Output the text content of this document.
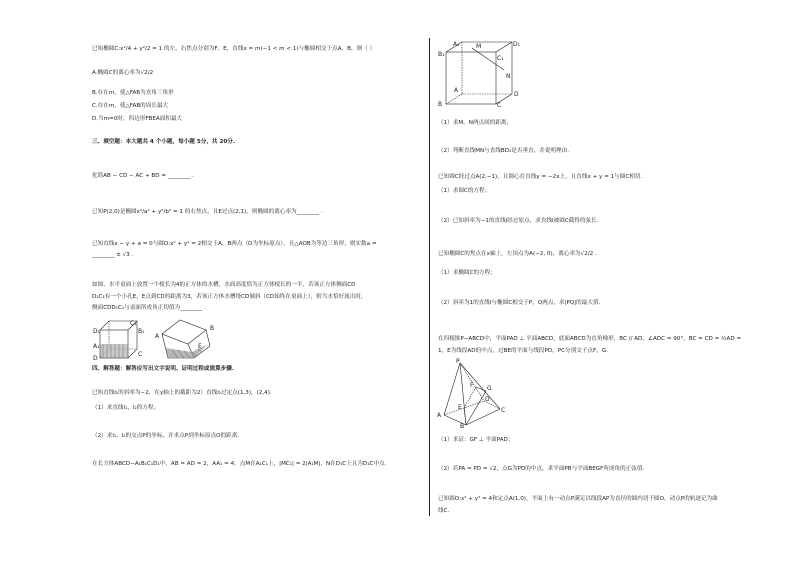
已知椭圆C:x²/4 + y²/2 = 1 的左、右焦点分别为F、E，直线x = m(−1 < m < 1)与椭圆相交于点A、B，则（ ）
A.椭圆C的离心率为√2/2
B.存在m，使△FAB为直角三角形
C.存在m，使△FAB的周长最大
D.当m=0时，四边形FBEA面积最大
三、填空题：本大题共 4 个小题，每小题 5分，共 20分.
化简AB − CD − AC + BD = ________ .
已知P(2,0)是椭圆x²/a² + y²/b² = 1 的右焦点，且E过点(2,1)，则椭圆的离心率为________ .
已知直线x − y + a = 0与圆O:x² + y² = 2相交于A，B两点（O为坐标原点），且△AOB为等边三角形，则实数a =
________ ± √3 .
如图，水平桌面上放置一个棱长为4的正方体的水槽，水面高度恰为正方体棱长的一半，若该正方体侧面CD
D₁C₁有一个小孔E，E点到CD的距离为3，若该正方体水槽绕CD倾斜（CD始终在桌面上），则当水恰好流出时，
侧面CDD₁C₁与桌面所成角正切值为________ .
D₁
C₁
A₁
B₁
D
C
A
B
E
四、解答题：解答应写出文字说明、证明过程或演算步骤.
已知直线l₁的斜率为−2，在y轴上的截距为2）直线l₂过定点(1,3)，(2,4).
（1）求直线l₁，l₂的方程；
（2）求l₁，l₂的交点P的坐标，并求点P到坐标原点O的距离.
在长方体ABCD−A₁B₁C₁D₁中，AB = AD = 2，AA₁ = 4，点M在A₁C₁上，|MC₁| = 2|A₁M|，N在D₁C上且为D₁C中点.
A₁	M	D₁
B₁
C₁
N
A
D
B	C
（1）求M、N两点间的距离；
（2）判断直线MN与直线BD₁是否垂直，并说明理由.
已知圆C经过点A(2,−1)，且圆心在直线y = −2x上，且直线x + y = 1与圆C相切.
（1）求圆C的方程；
（2）已知斜率为−1的直线l经过原点，求直线l被圆C截得的弦长.
已知椭圆C的焦点在x轴上，左顶点为A(−2, 0)，离心率为√2/2 .
（1）求椭圆C的方程；
（2）斜率为1的直线l与椭圆C相交于P，Q两点，求|PQ|的最大值.
在四棱锥P−ABCD中，平面PAD ⊥ 平面ABCD，底面ABCD为直角梯形，BC // AD，∠ADC = 90°，BC = CD = ½AD =
1，E为线段AD的中点，过BE的平面与线段PD，PC分别交于点F，G.
P
G
F
A
E
D
B
C
（1）求证：GF ⊥ 平面PAD；
（2）若PA = PD = √2，点G为PD的中点，求平面PB与平面BEGF所成角的正弦值.
已知圆O:x² + y² = 4和定点A(1,0)，平面上有一动点P满足以线段AP为直径的圆内切于圆O，动点P的轨迹记为曲
线C.
